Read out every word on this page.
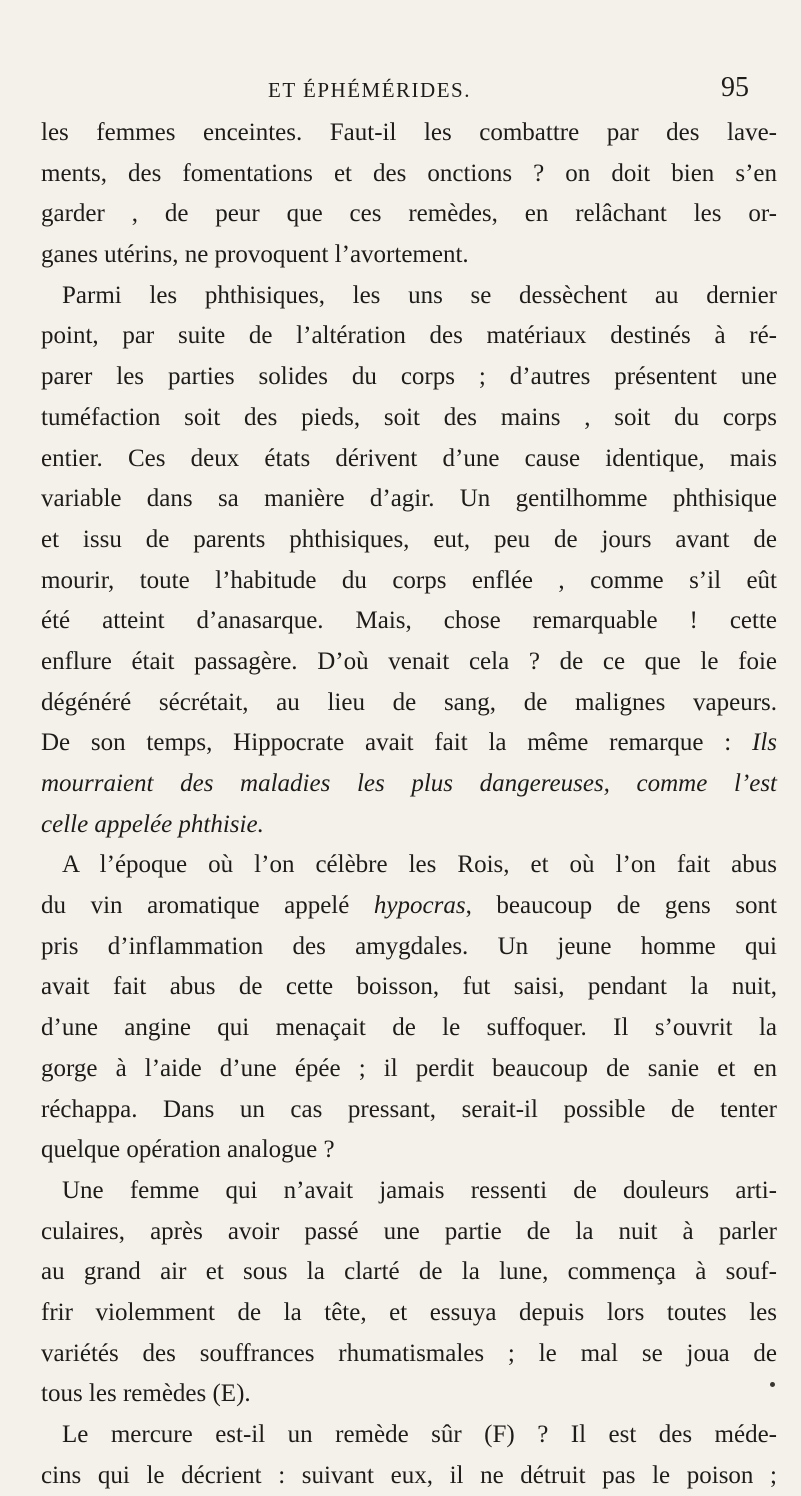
ET ÉPHÉMÉRIDES.	95
les femmes enceintes. Faut-il les combattre par des lave-
ments, des fomentations et des onctions ? on doit bien s’en
garder , de peur que ces remèdes, en relâchant les or-
ganes utérins, ne provoquent l’avortement.
Parmi les phthisiques, les uns se dessèchent au dernier
point, par suite de l’altération des matériaux destinés à ré-
parer les parties solides du corps ; d’autres présentent une
tuméfaction soit des pieds, soit des mains , soit du corps
entier. Ces deux états dérivent d’une cause identique, mais
variable dans sa manière d’agir. Un gentilhomme phthisique
et issu de parents phthisiques, eut, peu de jours avant de
mourir, toute l’habitude du corps enflée , comme s’il eût
été atteint d’anasarque. Mais, chose remarquable ! cette
enflure était passagère. D’où venait cela ? de ce que le foie
dégénéré sécrétait, au lieu de sang, de malignes vapeurs.
De son temps, Hippocrate avait fait la même remarque : Ils
mourraient des maladies les plus dangereuses, comme l’est
celle appelée phthisie.
A l’époque où l’on célèbre les Rois, et où l’on fait abus
du vin aromatique appelé hypocras, beaucoup de gens sont
pris d’inflammation des amygdales. Un jeune homme qui
avait fait abus de cette boisson, fut saisi, pendant la nuit,
d’une angine qui menaçait de le suffoquer. Il s’ouvrit la
gorge à l’aide d’une épée ; il perdit beaucoup de sanie et en
réchappa. Dans un cas pressant, serait-il possible de tenter
quelque opération analogue ?
Une femme qui n’avait jamais ressenti de douleurs arti-
culaires, après avoir passé une partie de la nuit à parler
au grand air et sous la clarté de la lune, commença à souf-
frir violemment de la tête, et essuya depuis lors toutes les
variétés des souffrances rhumatismales ; le mal se joua de
tous les remèdes (E).
Le mercure est-il un remède sûr (F) ? Il est des méde-
cins qui le décrient : suivant eux, il ne détruit pas le poison ;
